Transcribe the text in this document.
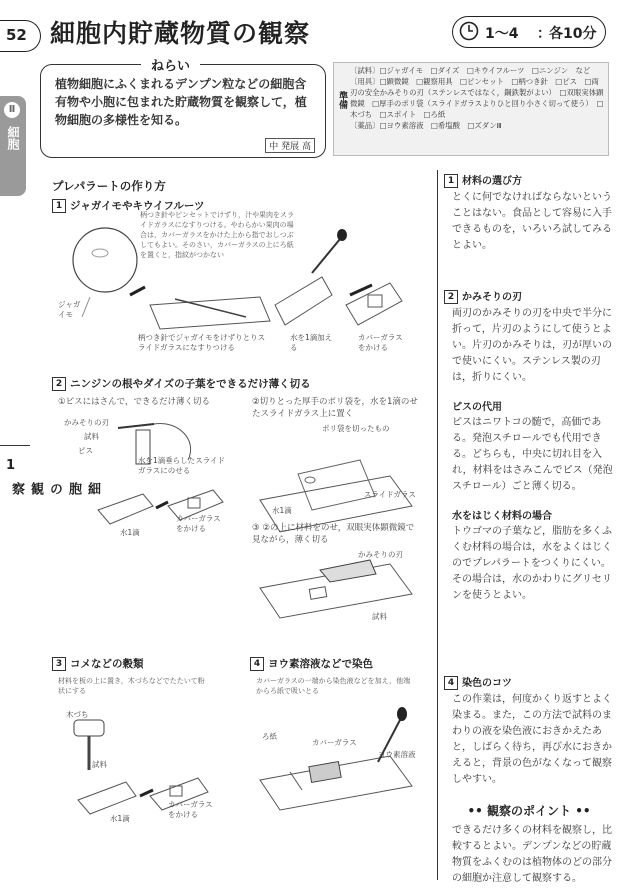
52 細胞内貯蔵物質の観察	1〜4 ：
各10分
ねらい
植物細胞にふくまれるデンプン粒などの細胞含有物や小胞に包まれた貯蔵物質を観察して，植物細胞の多様性を知る。
中 発展 高
準備
〔試料〕□ジャガイモ　□ダイズ　□キウイフルーツ　□ニンジン　など
〔用具〕□顕微鏡　□観察用具　□ピンセット　□柄つき針　□ピス　□両刃の安全かみそりの刃（ステンレスではなく，鋼鉄製がよい）　□双眼実体顕微鏡　□厚手のポリ袋（スライドガラスよりひと回り小さく切って使う）　□木づち　□スポイト　□ろ紙
〔薬品〕□ヨウ素溶液　□希塩酸　□ズダンⅢ
Ⅱ
細胞
1
細胞の観察
プレパラートの作り方
1 ジャガイモやキウイフルーツ
柄つき針やピンセットでけずり，汁や果肉をスライドガラスになすりつける。やわらかい果肉の場合は，カバーガラスをかけた上から指でおしつぶしてもよい。そのさい，カバーガラスの上にろ紙を置くと，指紋がつかない
ジャガイモ
柄つき針でジャガイモをけずりとりスライドガラスになすりつける
水を1滴加える
カバーガラスをかける
2 ニンジンの根やダイズの子葉をできるだけ薄く切る
①ピスにはさんで，できるだけ薄く切る	②切りとった厚手のポリ袋を，水を1滴のせたスライドガラス上に置く
かみそりの刃
試料
ピス
水を1滴垂らしたスライドガラスにのせる
水1滴
カバーガラスをかける
ポリ袋を切ったもの
水1滴
スライドガラス
③ ②の上に材料をのせ，双眼実体顕微鏡で見ながら，薄く切る
かみそりの刃
試料
3 コメなどの穀類
材料を板の上に置き，木づちなどでたたいて粉状にする
木づち
試料
水1滴
カバーガラスをかける
4 ヨウ素溶液などで染色
カバーガラスの一端から染色液などを加え，他端からろ紙で吸いとる
ろ紙
カバーガラス
ヨウ素溶液
1 材料の選び方
とくに何でなければならないということはない。食品として容易に入手できるものを，いろいろ試してみるとよい。
2 かみそりの刃
両刃のかみそりの刃を中央で半分に折って，片刃のようにして使うとよい。片刃のかみそりは，刃が厚いので使いにくい。ステンレス製の刃は，折りにくい。
ピスの代用
ピスはニワトコの髄で，高価である。発泡スチロールでも代用できる。どちらも，中央に切れ目を入れ，材料をはさみこんでピス（発泡スチロール）ごと薄く切る。
水をはじく材料の場合
トウゴマの子葉など，脂肪を多くふくむ材料の場合は，水をよくはじくのでプレパラートをつくりにくい。その場合は，水のかわりにグリセリンを使うとよい。
4 染色のコツ
この作業は，何度かくり返すとよく染まる。また，この方法で試料のまわりの液を染色液におきかえたあと，しばらく待ち，再び水におきかえると，背景の色がなくなって観察しやすい。
•• 観察のポイント ••
できるだけ多くの材料を観察し，比較するとよい。デンプンなどの貯蔵物質をふくむのは植物体のどの部分の細胞か注意して観察する。
